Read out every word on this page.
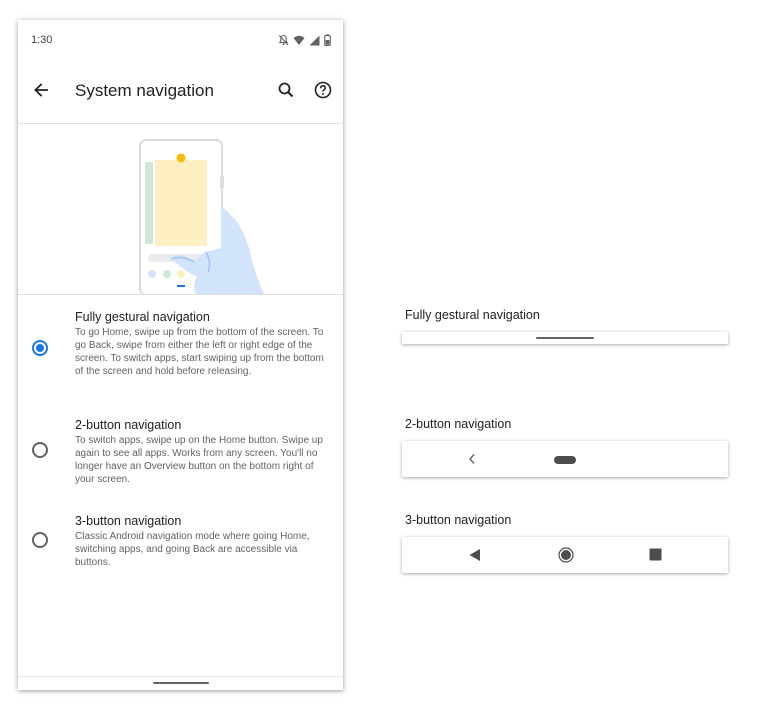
1:30
System navigation
Fully gestural navigation
To go Home, swipe up from the bottom of the screen. To go Back, swipe from either the left or right edge of the screen. To switch apps, start swiping up from the bottom of the screen and hold before releasing.
2-button navigation
To switch apps, swipe up on the Home button. Swipe up again to see all apps. Works from any screen. You'll no longer have an Overview button on the bottom right of your screen.
3-button navigation
Classic Android navigation mode where going Home, switching apps, and going Back are accessible via buttons.
Fully gestural navigation
2-button navigation
3-button navigation
